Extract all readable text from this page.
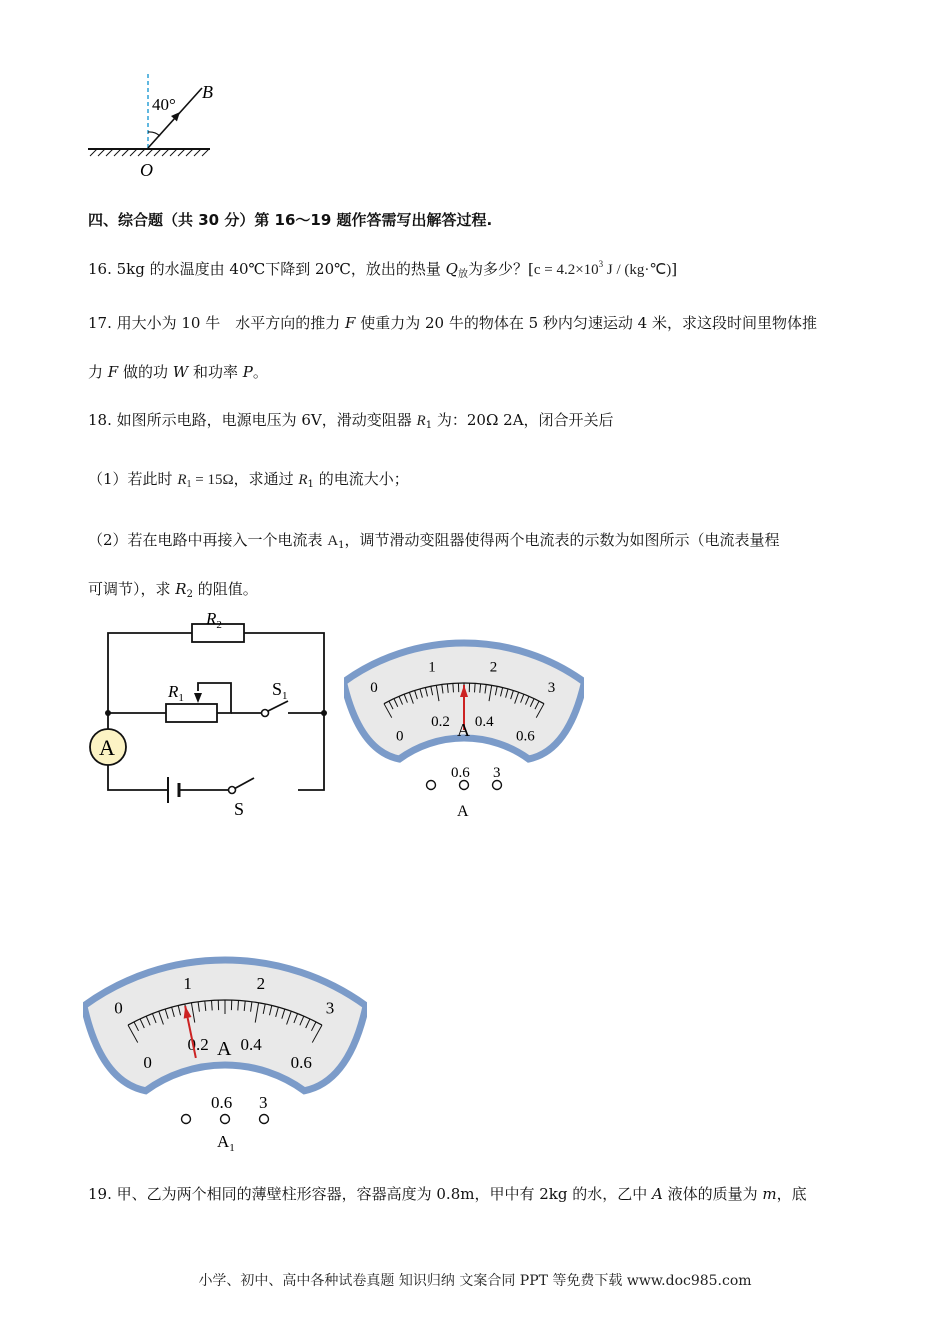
40°
B
O
四、综合题（共 30 分）第 16～19 题作答需写出解答过程.
16. 5kg 的水温度由 40℃下降到 20℃，放出的热量 $Q_放$为多少？[$c = 4.2\times 10^3$ J / (kg·℃)]
17. 用大小为 10 牛　水平方向的推力 F 使重力为 20 牛的物体在 5 秒内匀速运动 4 米，求这段时间里物体推
力 F 做的功 W 和功率 P。
18. 如图所示电路，电源电压为 6V，滑动变阻器 $R_1$ 为：20Ω 2A，闭合开关后
（1）若此时 $R_1 = 15\Omega$，求通过 $R_1$ 的电流大小；
（2）若在电路中再接入一个电流表 $A_1$，调节滑动变阻器使得两个电流表的示数为如图所示（电流表量程
可调节），求 $R_2$ 的阻值。
A
$R_2$
$R_1$	$S_1$
S
0
1	2
3
0
0.2 0.4
0.6
A
0.6 3
A
0
1	2
3
0
0.2 0.4
0.6
A
0.6 3
$A_1$
19. 甲、乙为两个相同的薄壁柱形容器，容器高度为 0.8m，甲中有 2kg 的水，乙中 A 液体的质量为 m，底
小学、初中、高中各种试卷真题 知识归纳 文案合同 PPT 等免费下载 www.doc985.com
